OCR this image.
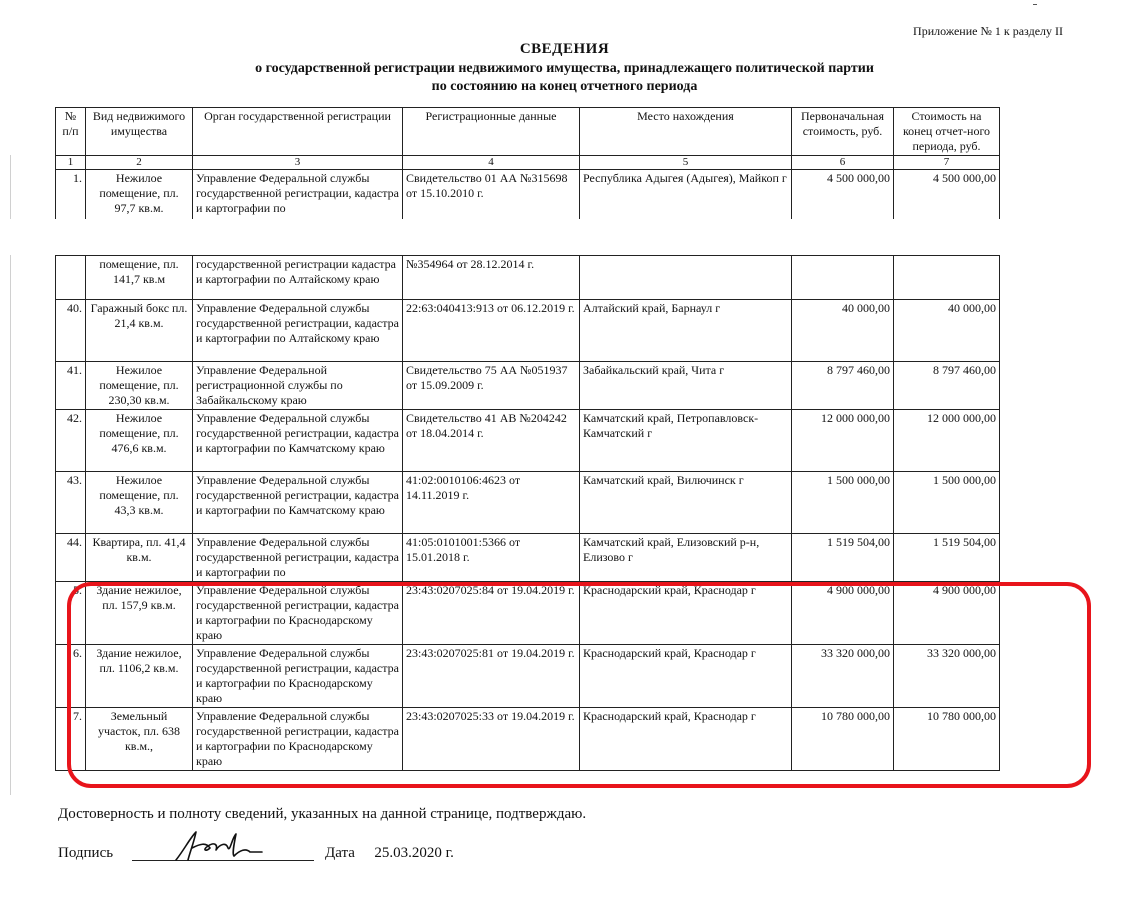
Приложение № 1 к разделу II
СВЕДЕНИЯ
о государственной регистрации недвижимого имущества, принадлежащего политической партии
по состоянию на конец отчетного периода
№ п/п	Вид недвижимого имущества	Орган государственной регистрации	Регистрационные данные	Место нахождения	Первоначальная стоимость, руб.	Стоимость на конец отчет-ного периода, руб.
1	2	3	4	5	6	7
1.	Нежилое помещение, пл. 97,7 кв.м.	Управление Федеральной службы государственной регистрации, кадастра и картографии по	Свидетельство 01 АА №315698 от 15.10.2010 г.	Республика Адыгея (Адыгея), Майкоп г	4 500 000,00	4 500 000,00
	помещение, пл. 141,7 кв.м	государственной регистрации кадастра и картографии по Алтайскому краю	№354964 от 28.12.2014 г.			
40.	Гаражный бокс пл. 21,4 кв.м.	Управление Федеральной службы государственной регистрации, кадастра и картографии по Алтайскому краю	22:63:040413:913 от 06.12.2019 г.	Алтайский край, Барнаул г	40 000,00	40 000,00
41.	Нежилое помещение, пл. 230,30 кв.м.	Управление Федеральной регистрационной службы по Забайкальскому краю	Свидетельство 75 АА №051937 от 15.09.2009 г.	Забайкальский край, Чита г	8 797 460,00	8 797 460,00
42.	Нежилое помещение, пл. 476,6 кв.м.	Управление Федеральной службы государственной регистрации, кадастра и картографии по Камчатскому краю	Свидетельство 41 АВ №204242 от 18.04.2014 г.	Камчатский край, Петропавловск-Камчатский г	12 000 000,00	12 000 000,00
43.	Нежилое помещение, пл. 43,3 кв.м.	Управление Федеральной службы государственной регистрации, кадастра и картографии по Камчатскому краю	41:02:0010106:4623 от 14.11.2019 г.	Камчатский край, Вилючинск г	1 500 000,00	1 500 000,00
44.	Квартира, пл. 41,4 кв.м.	Управление Федеральной службы государственной регистрации, кадастра и картографии по	41:05:0101001:5366 от 15.01.2018 г.	Камчатский край, Елизовский р-н, Елизово г	1 519 504,00	1 519 504,00
5.	Здание нежилое, пл. 157,9 кв.м.	Управление Федеральной службы государственной регистрации, кадастра и картографии по Краснодарскому краю	23:43:0207025:84 от 19.04.2019 г.	Краснодарский край, Краснодар г	4 900 000,00	4 900 000,00
6.	Здание нежилое, пл. 1106,2 кв.м.	Управление Федеральной службы государственной регистрации, кадастра и картографии по Краснодарскому краю	23:43:0207025:81 от 19.04.2019 г.	Краснодарский край, Краснодар г	33 320 000,00	33 320 000,00
7.	Земельный участок, пл. 638 кв.м.,	Управление Федеральной службы государственной регистрации, кадастра и картографии по Краснодарскому краю	23:43:0207025:33 от 19.04.2019 г.	Краснодарский край, Краснодар г	10 780 000,00	10 780 000,00
Достоверность и полноту сведений, указанных на данной странице, подтверждаю.
Подпись	Дата 25.03.2020 г.
